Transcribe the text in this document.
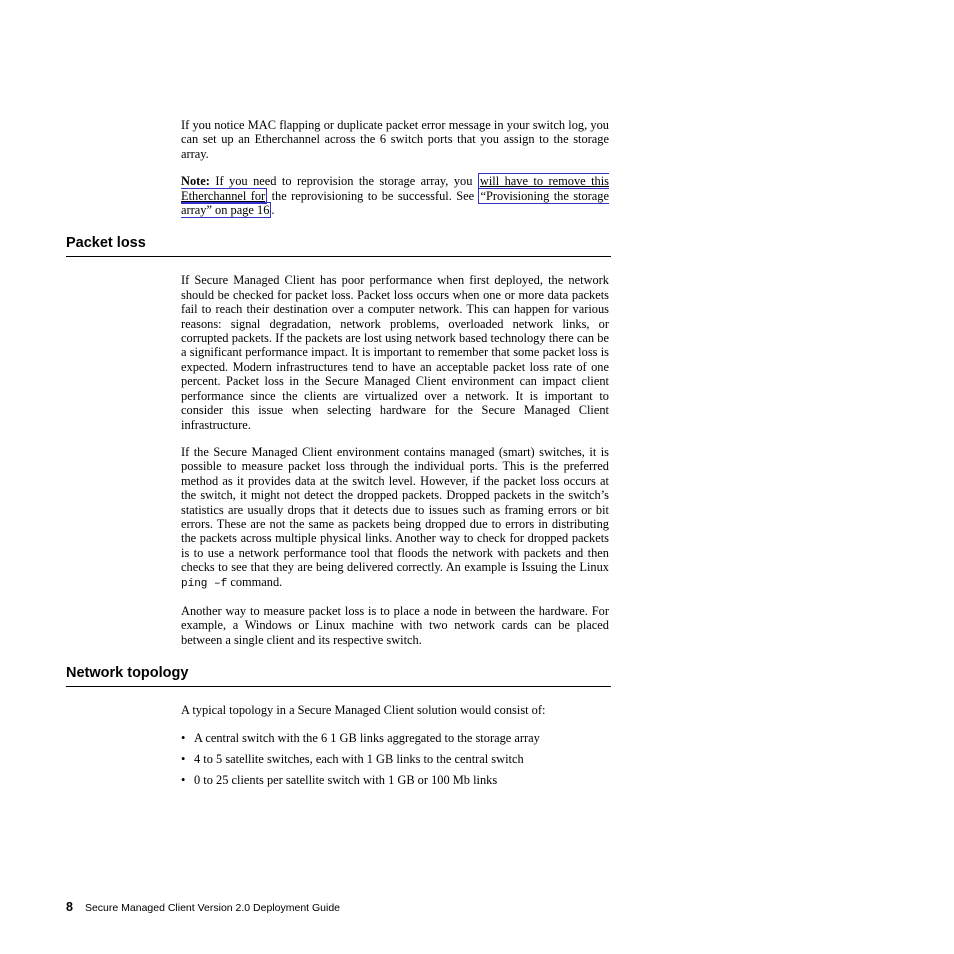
If you notice MAC flapping or duplicate packet error message in your switch log, you can set up an Etherchannel across the 6 switch ports that you assign to the storage array.

Note: If you need to reprovision the storage array, you will have to remove this Etherchannel for the reprovisioning to be successful. See “Provisioning the storage array” on page 16 .

Packet loss

If Secure Managed Client has poor performance when first deployed, the network should be checked for packet loss. Packet loss occurs when one or more data packets fail to reach their destination over a computer network. This can happen for various reasons: signal degradation, network problems, overloaded network links, or corrupted packets. If the packets are lost using network based technology there can be a significant performance impact. It is important to remember that some packet loss is expected. Modern infrastructures tend to have an acceptable packet loss rate of one percent. Packet loss in the Secure Managed Client environment can impact client performance since the clients are virtualized over a network. It is important to consider this issue when selecting hardware for the Secure Managed Client infrastructure.

If the Secure Managed Client environment contains managed (smart) switches, it is possible to measure packet loss through the individual ports. This is the preferred method as it provides data at the switch level. However, if the packet loss occurs at the switch, it might not detect the dropped packets. Dropped packets in the switch’s statistics are usually drops that it detects due to issues such as framing errors or bit errors. These are not the same as packets being dropped due to errors in distributing the packets across multiple physical links. Another way to check for dropped packets is to use a network performance tool that floods the network with packets and then checks to see that they are being delivered correctly. An example is Issuing the Linux ping –f command.

Another way to measure packet loss is to place a node in between the hardware. For example, a Windows or Linux machine with two network cards can be placed between a single client and its respective switch.

Network topology

A typical topology in a Secure Managed Client solution would consist of:

• A central switch with the 6 1 GB links aggregated to the storage array
• 4 to 5 satellite switches, each with 1 GB links to the central switch
• 0 to 25 clients per satellite switch with 1 GB or 100 Mb links
8 Secure Managed Client Version 2.0 Deployment Guide
